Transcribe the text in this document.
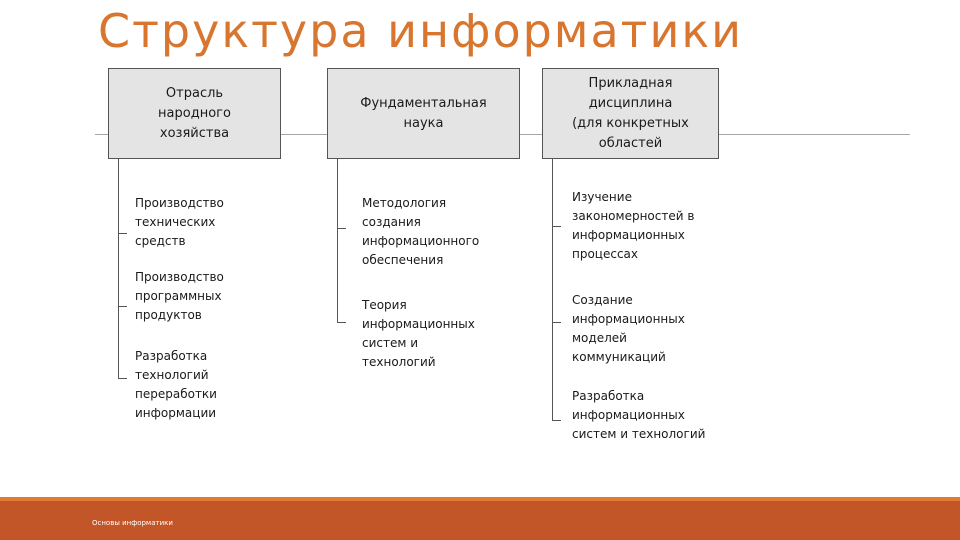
Структура информатики
Отрасль
народного
хозяйства
Производство
технических
средств
Производство
программных
продуктов
Разработка
технологий
переработки
информации
Фундаментальная
наука
Методология
создания
информационного
обеспечения
Теория
информационных
систем и
технологий
Прикладная
дисциплина
(для конкретных
областей
Изучение
закономерностей в
информационных
процессах
Создание
информационных
моделей
коммуникаций
Разработка
информационных
систем и технологий
Основы информатики
